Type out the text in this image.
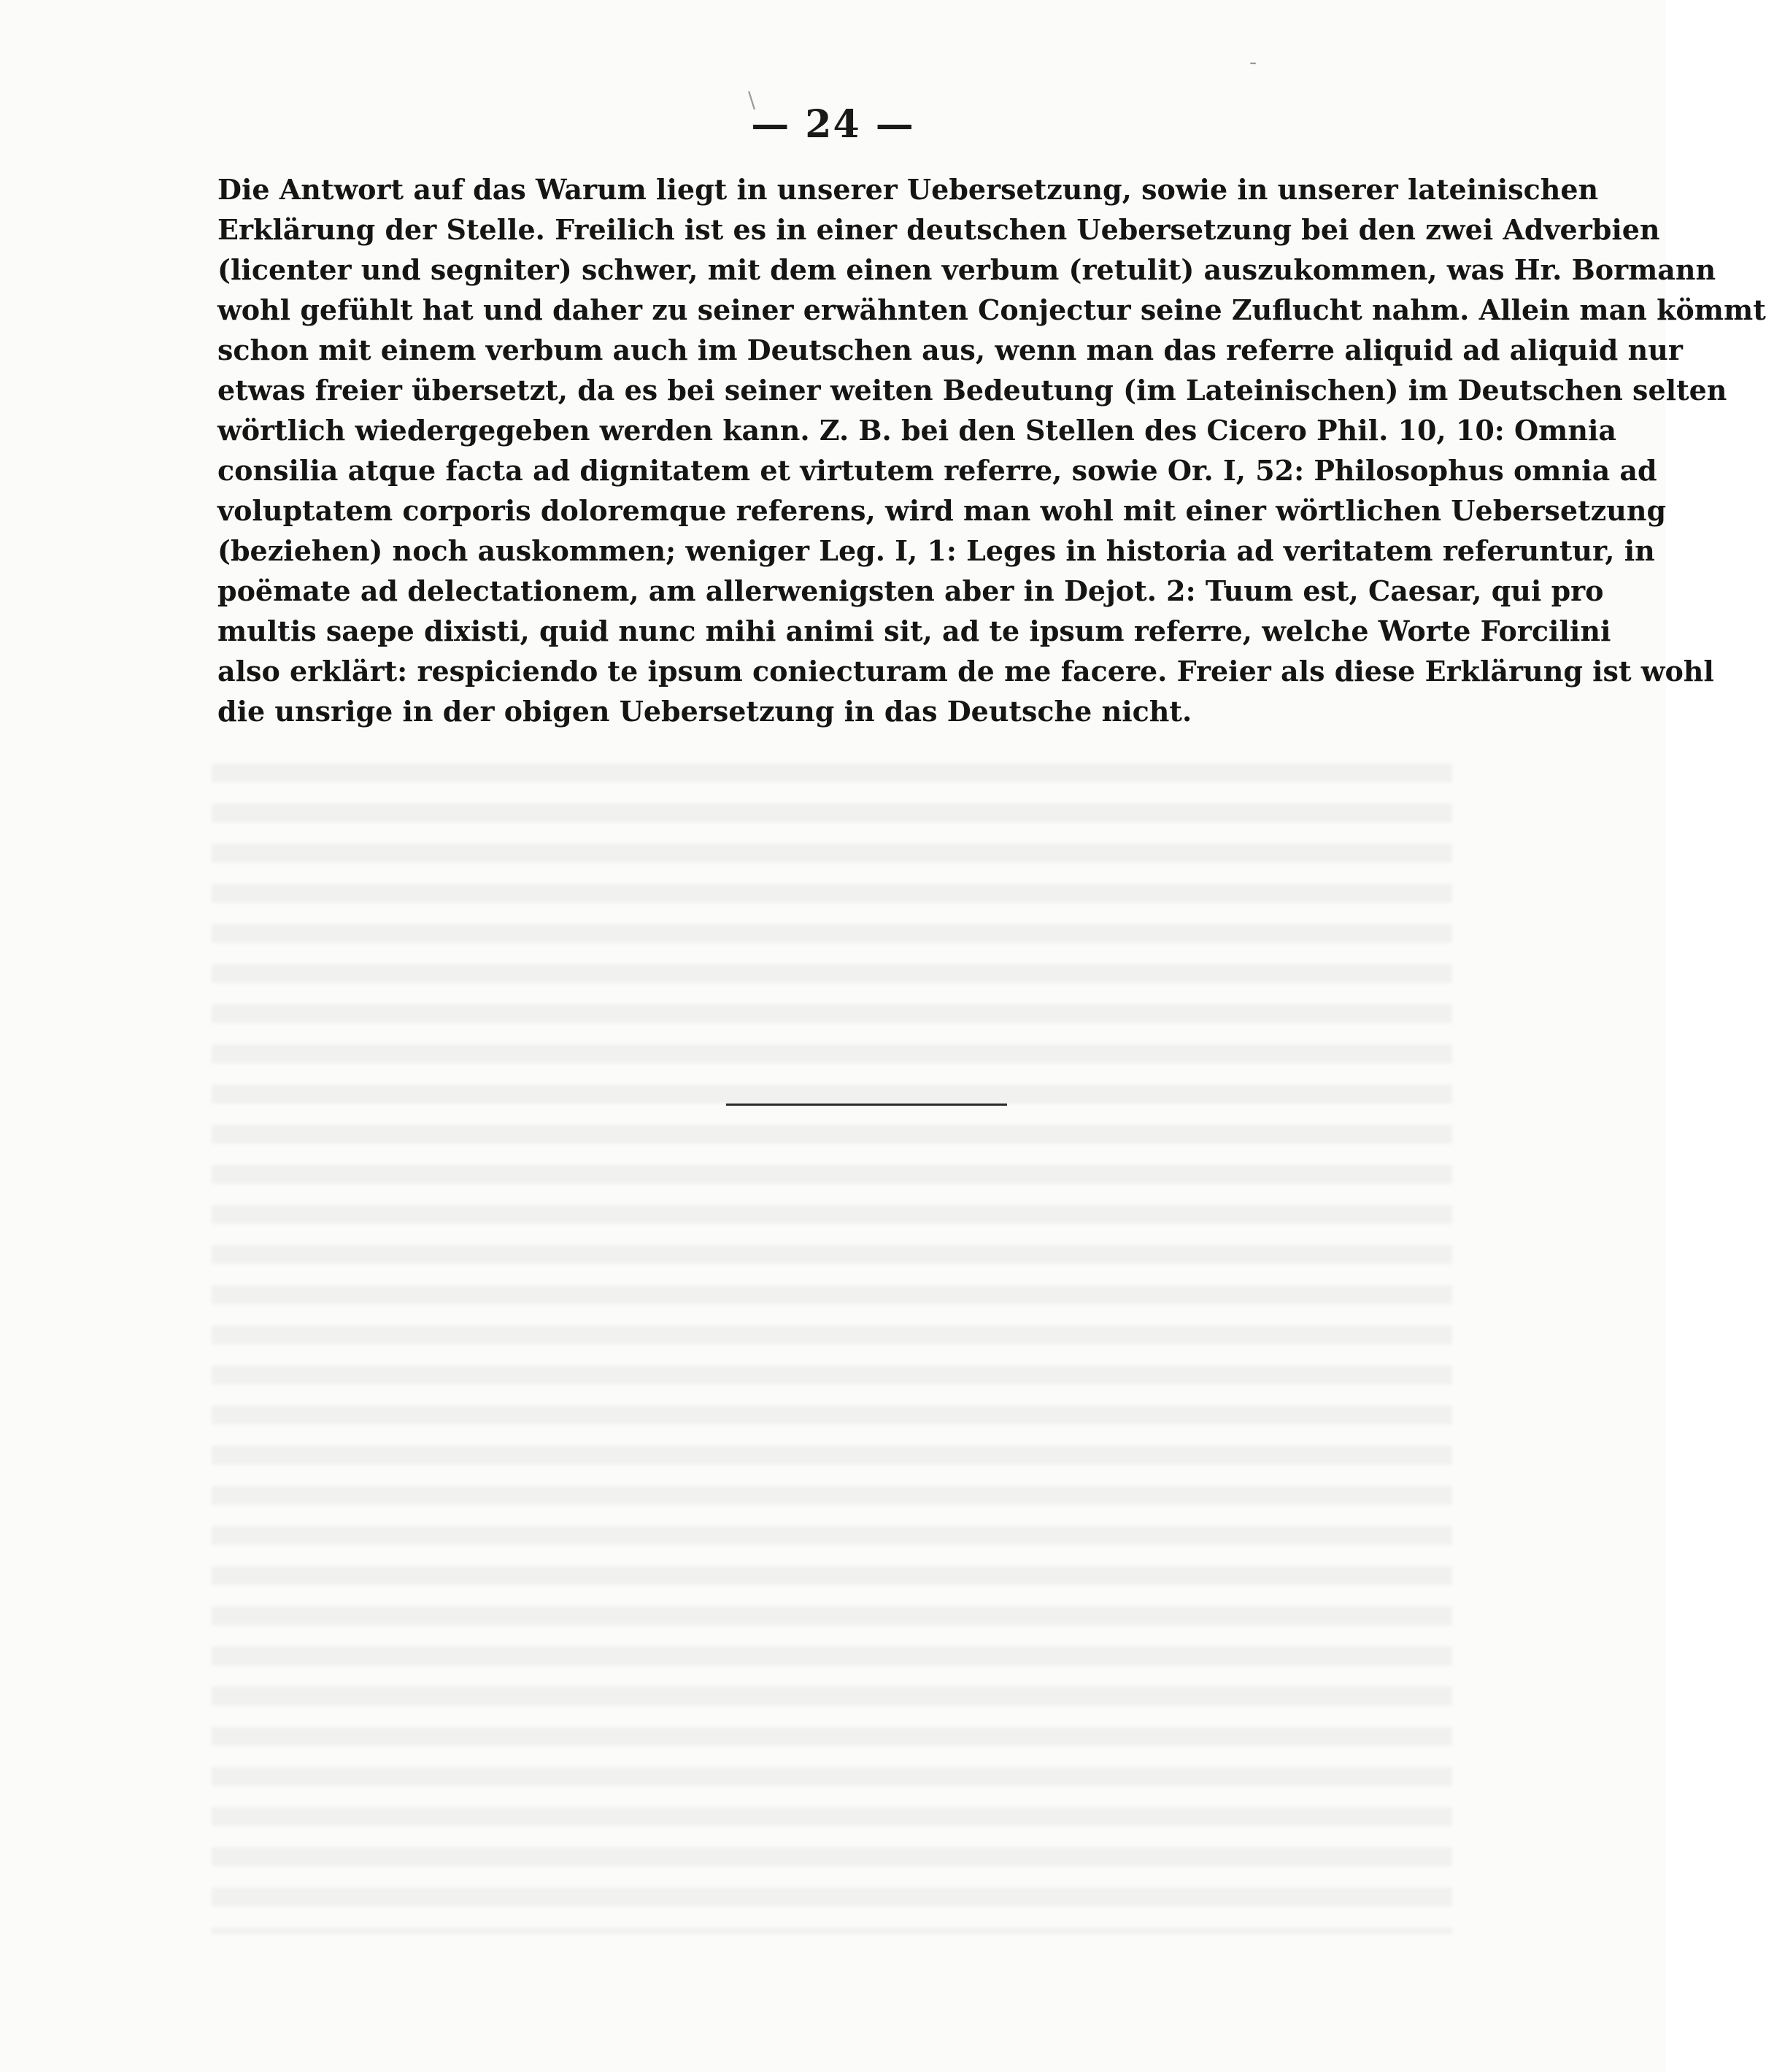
— 24 —
\
-
Die Antwort auf das Warum liegt in unserer Uebersetzung, sowie in unserer lateinischen
Erklärung der Stelle. Freilich ist es in einer deutschen Uebersetzung bei den zwei Adverbien
(licenter und segniter) schwer, mit dem einen verbum (retulit) auszukommen, was Hr. Bormann
wohl gefühlt hat und daher zu seiner erwähnten Conjectur seine Zuflucht nahm. Allein man kömmt
schon mit einem verbum auch im Deutschen aus, wenn man das referre aliquid ad aliquid nur
etwas freier übersetzt, da es bei seiner weiten Bedeutung (im Lateinischen) im Deutschen selten
wörtlich wiedergegeben werden kann. Z. B. bei den Stellen des Cicero Phil. 10, 10: Omnia
consilia atque facta ad dignitatem et virtutem referre, sowie Or. I, 52: Philosophus omnia ad
voluptatem corporis doloremque referens, wird man wohl mit einer wörtlichen Uebersetzung
(beziehen) noch auskommen; weniger Leg. I, 1: Leges in historia ad veritatem referuntur, in
poëmate ad delectationem, am allerwenigsten aber in Dejot. 2: Tuum est, Caesar, qui pro
multis saepe dixisti, quid nunc mihi animi sit, ad te ipsum referre, welche Worte Forcilini
also erklärt: respiciendo te ipsum coniecturam de me facere. Freier als diese Erklärung ist wohl
die unsrige in der obigen Uebersetzung in das Deutsche nicht.
